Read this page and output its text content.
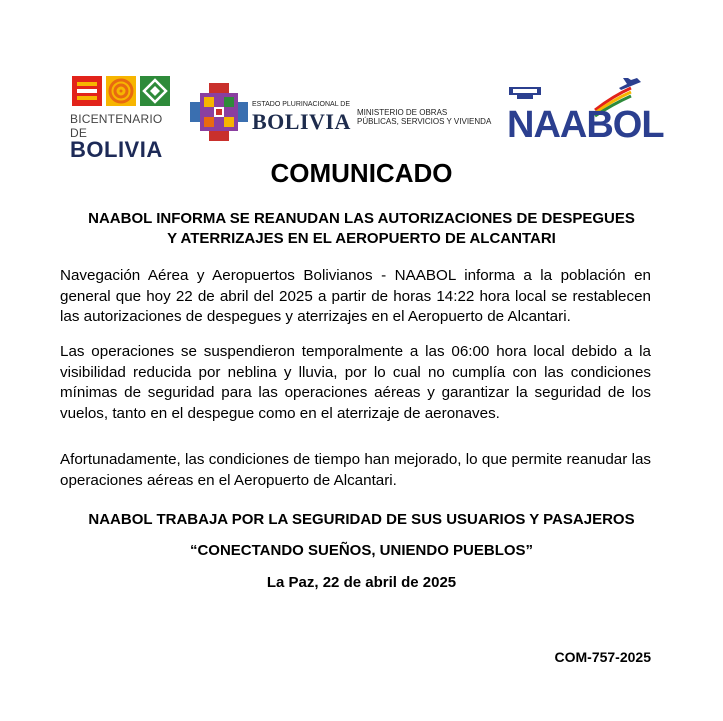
BICENTENARIO DE
BOLIVIA
ESTADO PLURINACIONAL DE
BOLIVIA MINISTERIO DE OBRAS
PÚBLICAS, SERVICIOS Y VIVIENDA NAABOL
COMUNICADO
NAABOL INFORMA SE REANUDAN LAS AUTORIZACIONES DE DESPEGUES
Y ATERRIZAJES EN EL AEROPUERTO DE ALCANTARI
Navegación Aérea y Aeropuertos Bolivianos - NAABOL informa a la población en general que hoy 22 de abril del 2025 a partir de horas 14:22 hora local se restablecen las autorizaciones de despegues y aterrizajes en el Aeropuerto de Alcantari.
Las operaciones se suspendieron temporalmente a las 06:00 hora local debido a la visibilidad reducida por neblina y lluvia, por lo cual no cumplía con las condiciones mínimas de seguridad para las operaciones aéreas y garantizar la seguridad de los vuelos, tanto en el despegue como en el aterrizaje de aeronaves.
Afortunadamente, las condiciones de tiempo han mejorado, lo que permite reanudar las operaciones aéreas en el Aeropuerto de Alcantari.
NAABOL TRABAJA POR LA SEGURIDAD DE SUS USUARIOS Y PASAJEROS
“CONECTANDO SUEÑOS, UNIENDO PUEBLOS”
La Paz, 22 de abril de 2025
COM-757-2025
